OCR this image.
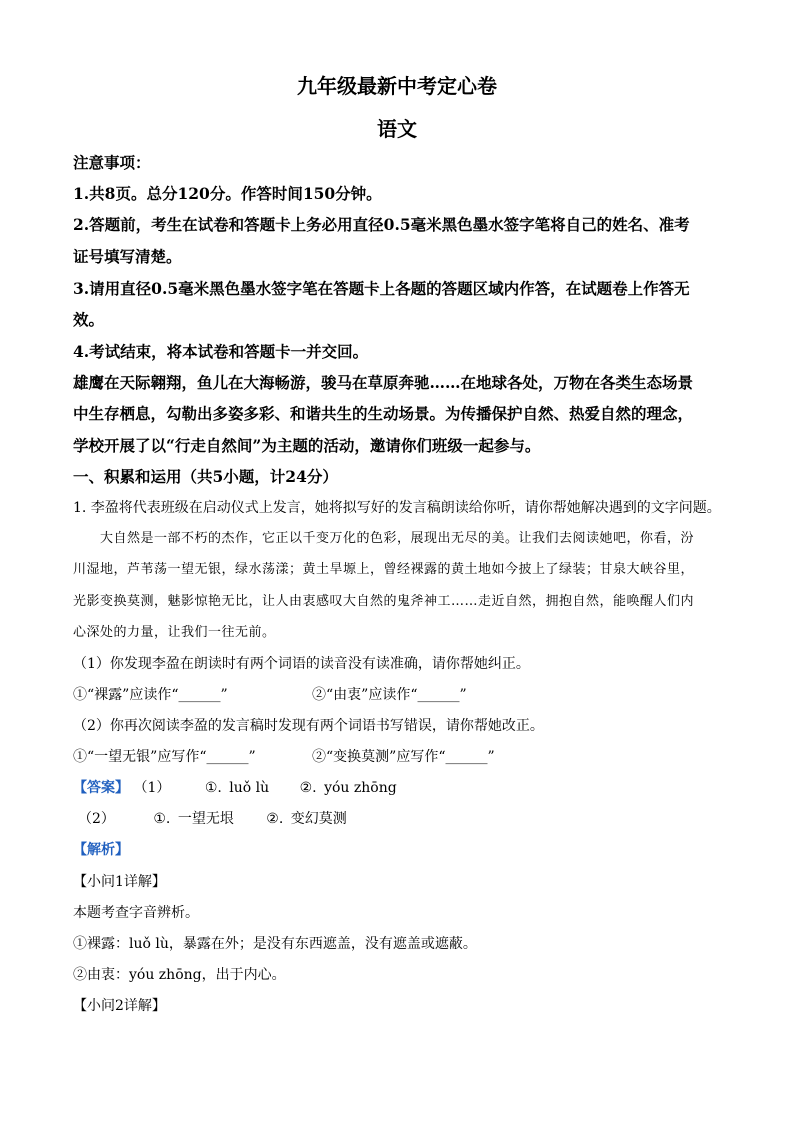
九年级最新中考定心卷
语文
注意事项：
1.共8页。总分120分。作答时间150分钟。
2.答题前，考生在试卷和答题卡上务必用直径0.5毫米黑色墨水签字笔将自己的姓名、准考
证号填写清楚。
3.请用直径0.5毫米黑色墨水签字笔在答题卡上各题的答题区域内作答，在试题卷上作答无
效。
4.考试结束，将本试卷和答题卡一并交回。
雄鹰在天际翱翔，鱼儿在大海畅游，骏马在草原奔驰……在地球各处，万物在各类生态场景
中生存栖息，勾勒出多姿多彩、和谐共生的生动场景。为传播保护自然、热爱自然的理念，
学校开展了以“行走自然间”为主题的活动，邀请你们班级一起参与。
一、积累和运用（共5小题，计24分）
1. 李盈将代表班级在启动仪式上发言，她将拟写好的发言稿朗读给你听，请你帮她解决遇到的文字问题。
大自然是一部不朽的杰作，它正以千变万化的色彩，展现出无尽的美。让我们去阅读她吧，你看，汾
川湿地，芦苇荡一望无银，绿水荡漾；黄土旱塬上，曾经裸露的黄土地如今披上了绿装；甘泉大峡谷里，
光影变换莫测，魅影惊艳无比，让人由衷感叹大自然的鬼斧神工……走近自然，拥抱自然，能唤醒人们内
心深处的力量，让我们一往无前。
（1）你发现李盈在朗读时有两个词语的读音没有读准确，请你帮她纠正。
①“裸露”应读作“______”	②“由衷”应读作“______”
（2）你再次阅读李盈的发言稿时发现有两个词语书写错误，请你帮她改正。
①“一望无银”应写作“______”	②“变换莫测”应写作“______”
【答案】 （1） ①. luǒ lù ②. yóu zhōng
（2）	①. 一望无垠 ②. 变幻莫测
【解析】
【小问1详解】
本题考查字音辨析。
①裸露：luǒ lù，暴露在外；是没有东西遮盖，没有遮盖或遮蔽。
②由衷：yóu zhōng，出于内心。
【小问2详解】
